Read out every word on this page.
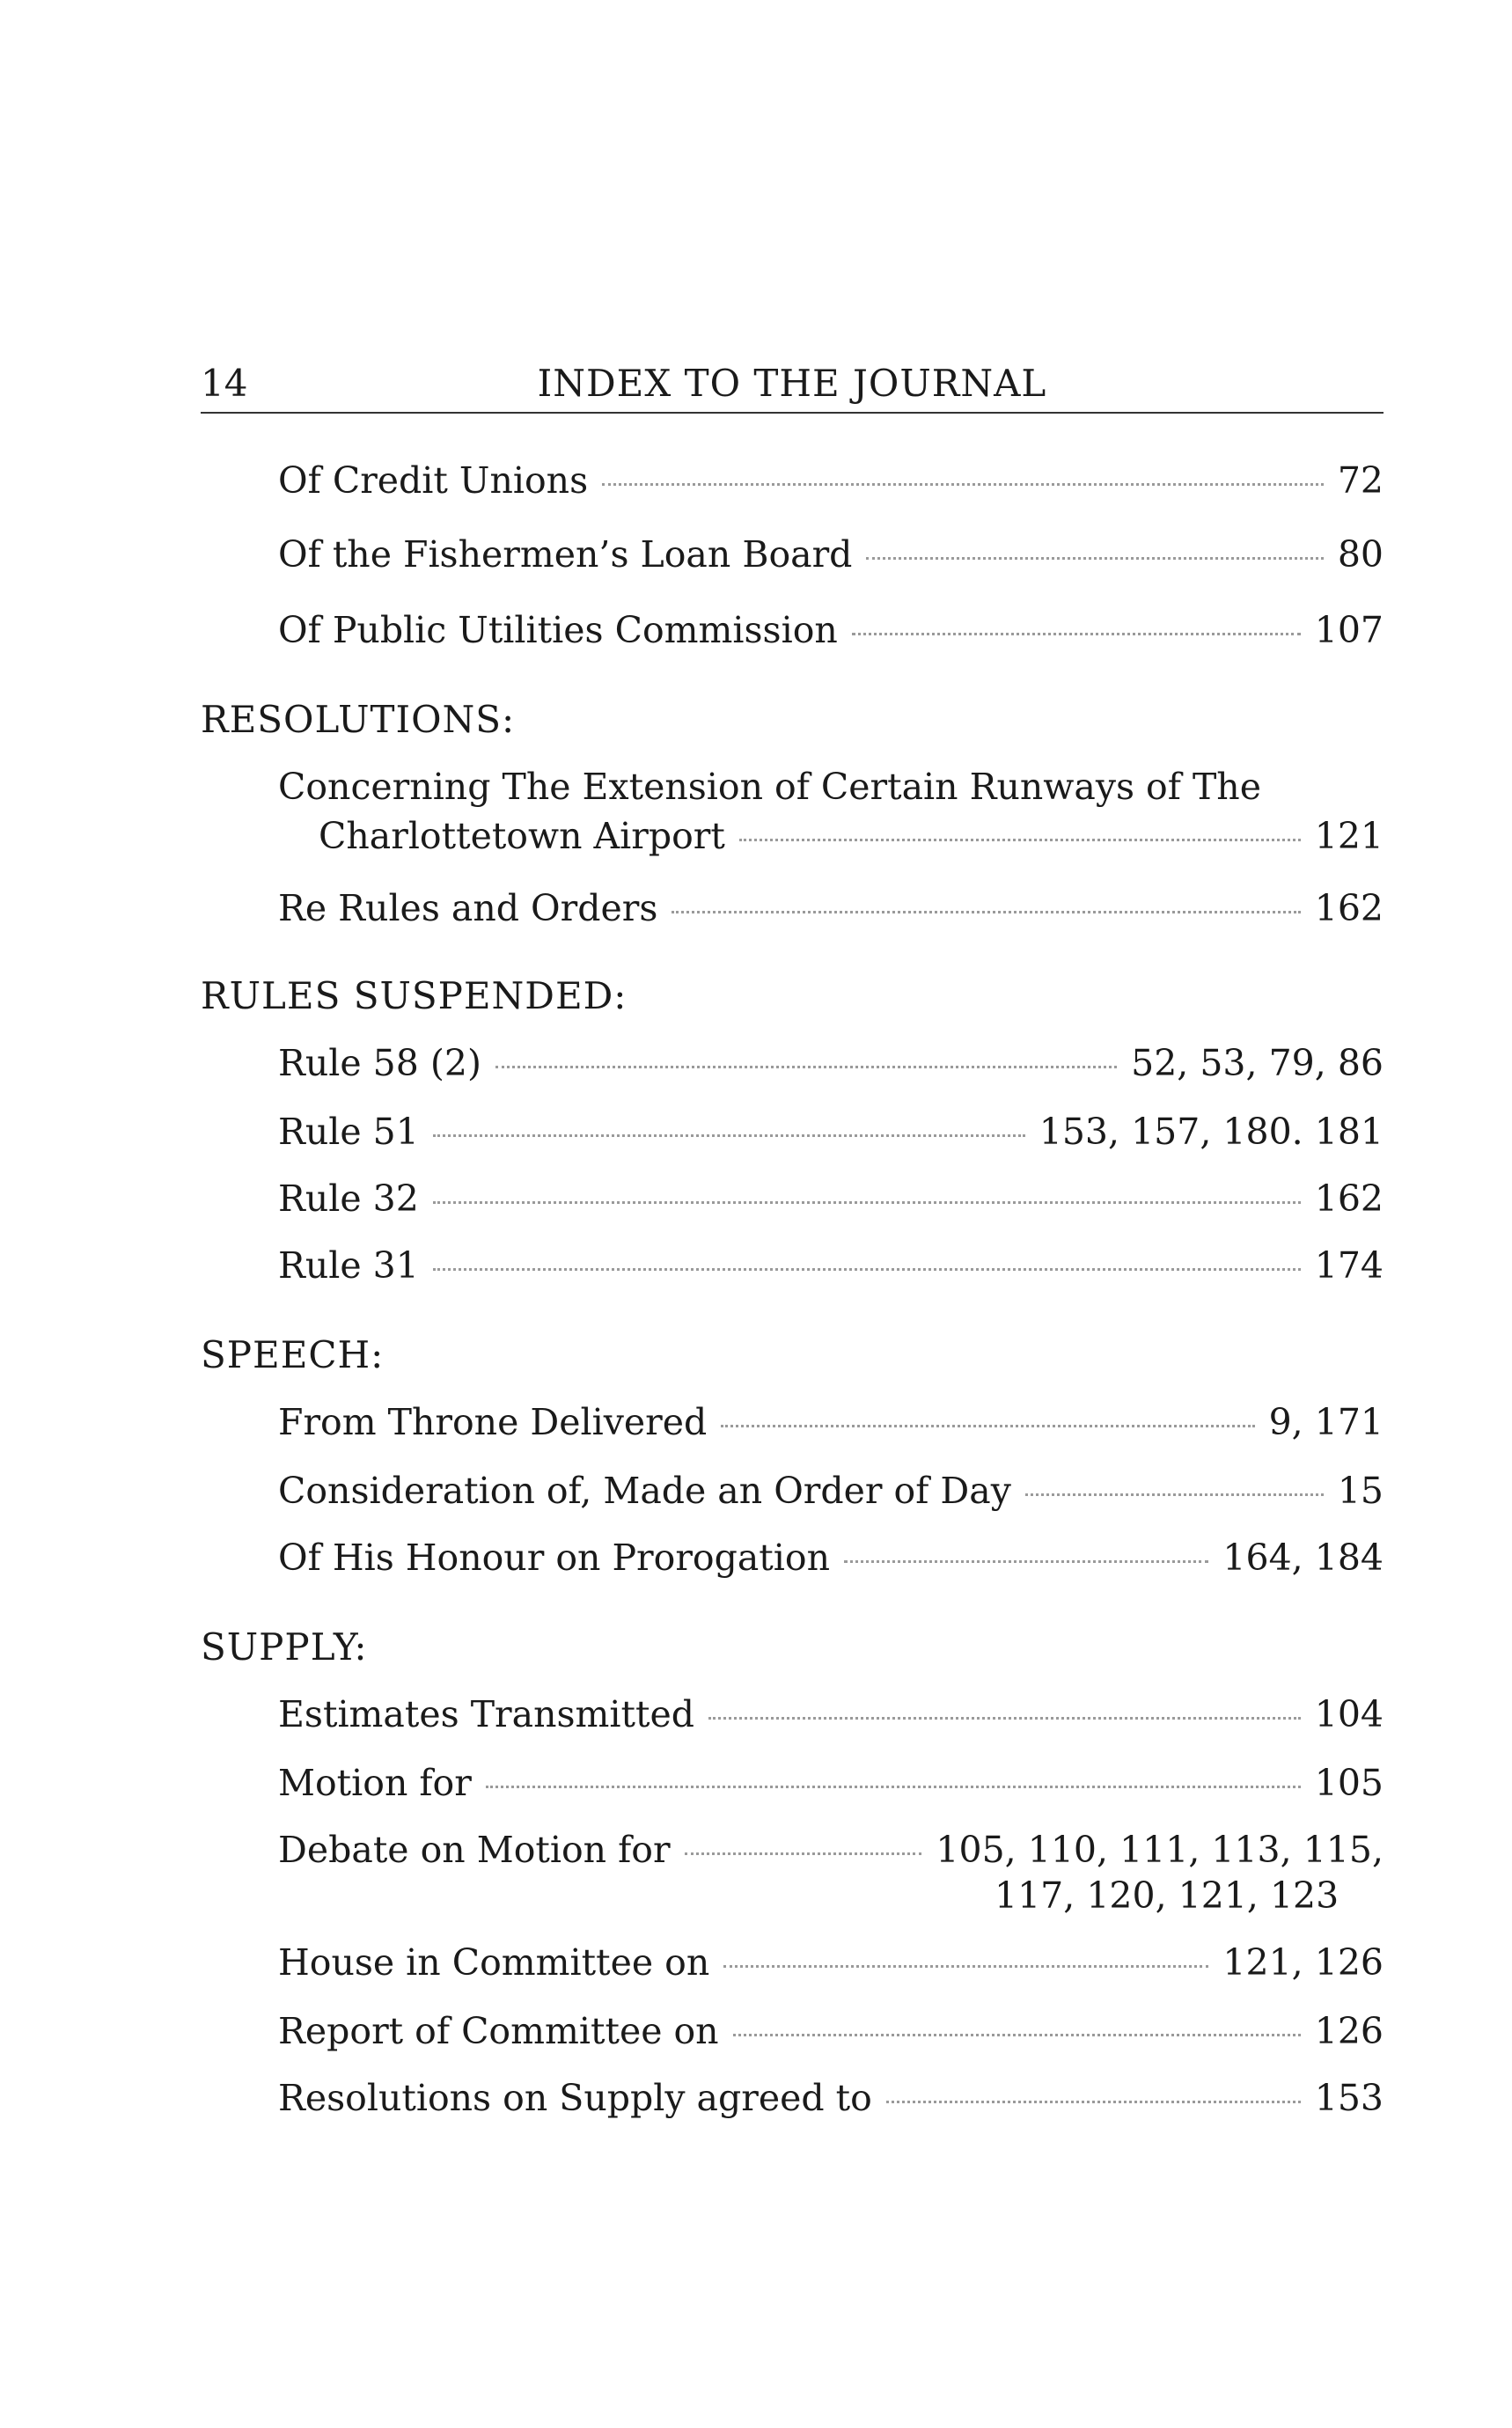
14	INDEX TO THE JOURNAL
Of Credit Unions	72
Of the Fishermen’s Loan Board	80
Of Public Utilities Commission	107
RESOLUTIONS:
Concerning The Extension of Certain Runways of The
Charlottetown Airport	121
Re Rules and Orders	162
RULES SUSPENDED:
Rule 58 (2)	52, 53, 79, 86
Rule 51	153, 157, 180. 181
Rule 32	162
Rule 31	174
SPEECH:
From Throne Delivered	9, 171
Consideration of, Made an Order of Day	15
Of His Honour on Prorogation	164, 184
SUPPLY:
Estimates Transmitted	104
Motion for	105
Debate on Motion for	105, 110, 111, 113, 115,
117, 120, 121, 123
House in Committee on	121, 126
Report of Committee on	126
Resolutions on Supply agreed to	153
